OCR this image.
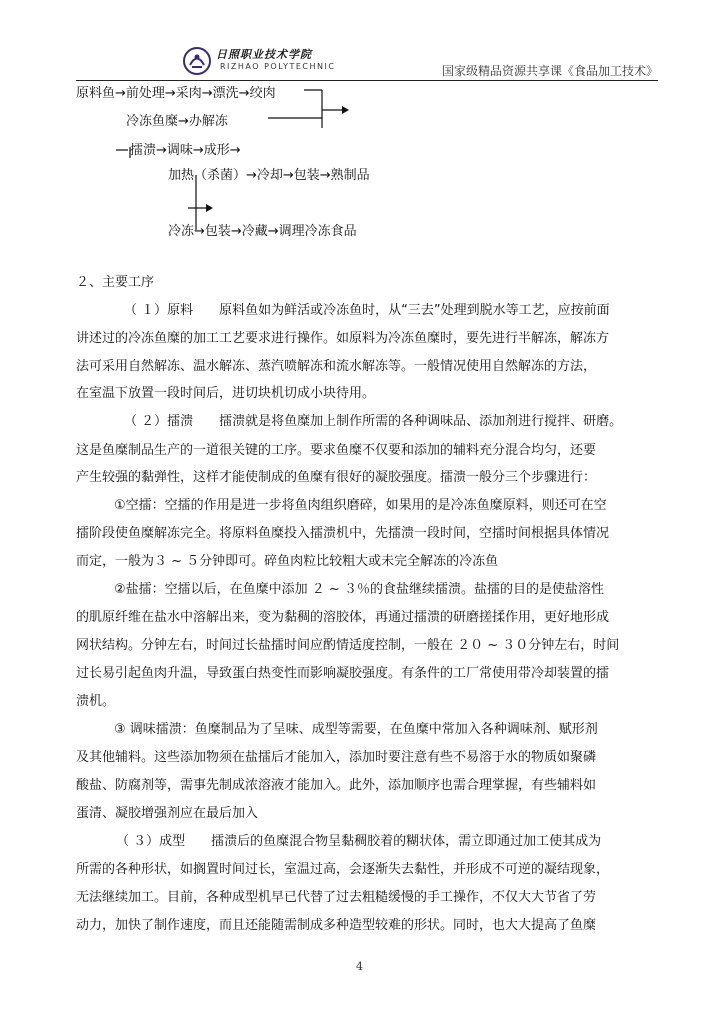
日照职业技术学院
RIZHAO POLYTECHNIC	国家级精品资源共享课《食品加工技术》
原料鱼→前处理→采肉→漂洗→绞肉
冷冻鱼糜→办解冻
擂溃→调味→成形→
加热（杀菌）→冷却→包装→熟制品
冷冻→包装→冷藏→调理冷冻食品
２、主要工序
（ １）原料　　原料鱼如为鲜活或冷冻鱼时，从“三去”处理到脱水等工艺，应按前面
讲述过的冷冻鱼糜的加工工艺要求进行操作。如原料为冷冻鱼糜时，要先进行半解冻，解冻方
法可采用自然解冻、温水解冻、蒸汽喷解冻和流水解冻等。一般情况使用自然解冻的方法，
在室温下放置一段时间后，进切块机切成小块待用。
（ ２）擂溃　　擂溃就是将鱼糜加上制作所需的各种调味品、添加剂进行搅拌、研磨。
这是鱼糜制品生产的一道很关键的工序。要求鱼糜不仅要和添加的辅料充分混合均匀，还要
产生较强的黏弹性，这样才能使制成的鱼糜有很好的凝胶强度。擂溃一般分三个步骤进行：
①空擂：空擂的作用是进一步将鱼肉组织磨碎，如果用的是冷冻鱼糜原料，则还可在空
擂阶段使鱼糜解冻完全。将原料鱼糜投入擂溃机中，先擂溃一段时间，空擂时间根据具体情况
而定，一般为３ ~ ５分钟即可。碎鱼肉粒比较粗大或未完全解冻的冷冻鱼
②盐擂：空擂以后，在鱼糜中添加 ２ ~ ３％的食盐继续擂溃。盐擂的目的是使盐溶性
的肌原纤维在盐水中溶解出来，变为黏稠的溶胶体，再通过擂溃的研磨搓揉作用，更好地形成
网状结构。分钟左右，时间过长盐擂时间应酌情适度控制，一般在 ２０ ~ ３０分钟左右，时间
过长易引起鱼肉升温，导致蛋白热变性而影响凝胶强度。有条件的工厂常使用带冷却装置的擂
溃机。
③ 调味擂溃：鱼糜制品为了呈味、成型等需要，在鱼糜中常加入各种调味剂、赋形剂
及其他辅料。这些添加物须在盐擂后才能加入，添加时要注意有些不易溶于水的物质如聚磷
酸盐、防腐剂等，需事先制成浓溶液才能加入。此外，添加顺序也需合理掌握，有些辅料如
蛋清、凝胶增强剂应在最后加入
（ ３）成型　　擂溃后的鱼糜混合物呈黏稠胶着的糊状体，需立即通过加工使其成为
所需的各种形状，如搁置时间过长，室温过高，会逐渐失去黏性，并形成不可逆的凝结现象，
无法继续加工。目前，各种成型机早已代替了过去粗糙缓慢的手工操作，不仅大大节省了劳
动力，加快了制作速度，而且还能随需制成多种造型较难的形状。同时，也大大提高了鱼糜
4
